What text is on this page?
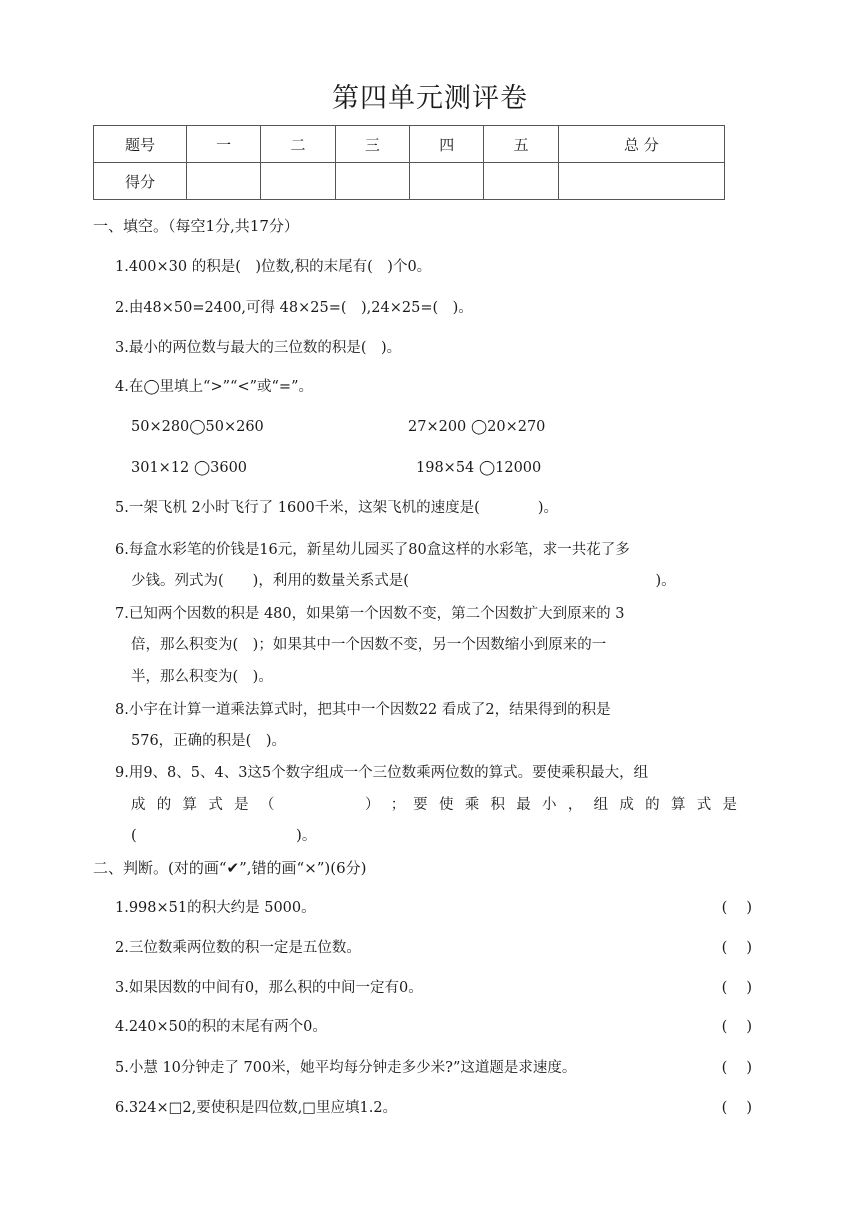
第四单元测评卷
题号	一	二	三	四	五	总 分
得分						
一、填空。（每空1分,共17分）
1.400×30 的积是(　)位数,积的末尾有(　)个0。
2.由48×50=2400,可得 48×25=(　),24×25=(　)。
3.最小的两位数与最大的三位数的积是(　)。
4.在◯里填上“>”“<”或“=”。
50×280◯50×260	27×200 ◯20×270
301×12 ◯3600	198×54 ◯12000
5.一架飞机 2小时飞行了 1600千米，这架飞机的速度是(　　　　)。
6.每盒水彩笔的价钱是16元，新星幼儿园买了80盒这样的水彩笔，求一共花了多
少钱。列式为(　　)，利用的数量关系式是(　　　　　　　　　　　　　　　　　)。
7.已知两个因数的积是 480，如果第一个因数不变，第二个因数扩大到原来的 3
倍，那么积变为(　)；如果其中一个因数不变，另一个因数缩小到原来的一
半，那么积变为(　)。
8.小宇在计算一道乘法算式时，把其中一个因数22 看成了2，结果得到的积是
576，正确的积是(　)。
9.用9、8、5、4、3这5个数字组成一个三位数乘两位数的算式。要使乘积最大，组
成 的 算 式 是 （ 　　　　 ） ； 要 使 乘 积 最 小 ， 组 成 的 算 式 是
(　　　　　　　　　　　)。
二、判断。(对的画“✔”,错的画“×”)(6分)
1.998×51的积大约是 5000。	(　 )
2.三位数乘两位数的积一定是五位数。	(　 )
3.如果因数的中间有0，那么积的中间一定有0。	(　 )
4.240×50的积的末尾有两个0。	(　 )
5.小慧 10分钟走了 700米，她平均每分钟走多少米?”这道题是求速度。	(　 )
6.324×□2,要使积是四位数,□里应填1.2。	(　 )
